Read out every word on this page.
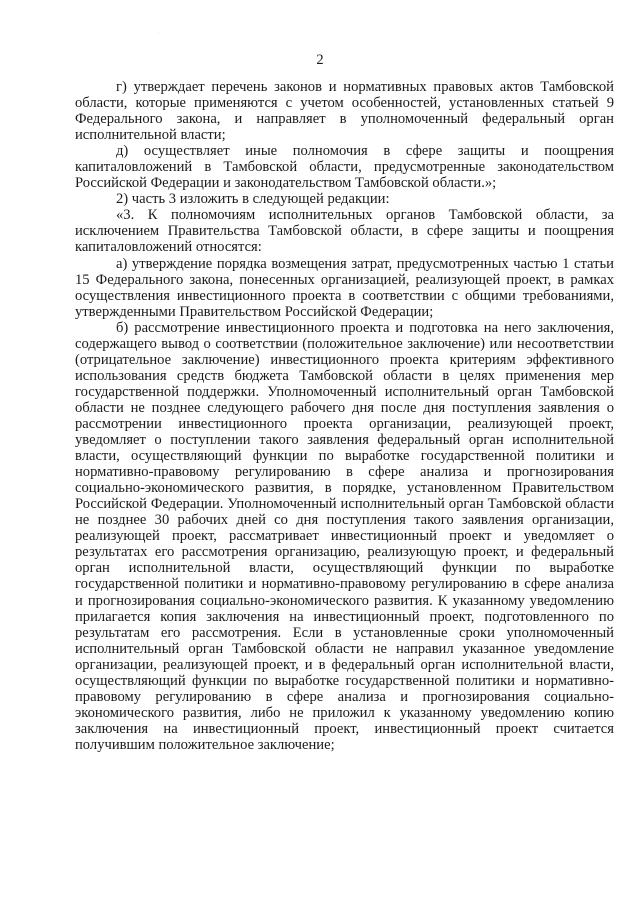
·
2

г) утверждает перечень законов и нормативных правовых актов Тамбовской области, которые применяются с учетом особенностей, установленных статьей 9 Федерального закона, и направляет в уполномоченный федеральный орган исполнительной власти;

д) осуществляет иные полномочия в сфере защиты и поощрения капиталовложений в Тамбовской области, предусмотренные законодательством Российской Федерации и законодательством Тамбовской области.»;

2) часть 3 изложить в следующей редакции:

«3. К полномочиям исполнительных органов Тамбовской области, за исключением Правительства Тамбовской области, в сфере защиты и поощрения капиталовложений относятся:

а) утверждение порядка возмещения затрат, предусмотренных частью 1 статьи 15 Федерального закона, понесенных организацией, реализующей проект, в рамках осуществления инвестиционного проекта в соответствии с общими требованиями, утвержденными Правительством Российской Федерации;

б) рассмотрение инвестиционного проекта и подготовка на него заключения, содержащего вывод о соответствии (положительное заключение) или несоответствии (отрицательное заключение) инвестиционного проекта критериям эффективного использования средств бюджета Тамбовской области в целях применения мер государственной поддержки. Уполномоченный исполнительный орган Тамбовской области не позднее следующего рабочего дня после дня поступления заявления о рассмотрении инвестиционного проекта организации, реализующей проект, уведомляет о поступлении такого заявления федеральный орган исполнительной власти, осуществляющий функции по выработке государственной политики и нормативно-правовому регулированию в сфере анализа и прогнозирования социально-экономического развития, в порядке, установленном Правительством Российской Федерации. Уполномоченный исполнительный орган Тамбовской области не позднее 30 рабочих дней со дня поступления такого заявления организации, реализующей проект, рассматривает инвестиционный проект и уведомляет о результатах его рассмотрения организацию, реализующую проект, и федеральный орган исполнительной власти, осуществляющий функции по выработке государственной политики и нормативно-правовому регулированию в сфере анализа и прогнозирования социально-экономического развития. К указанному уведомлению прилагается копия заключения на инвестиционный проект, подготовленного по результатам его рассмотрения. Если в установленные сроки уполномоченный исполнительный орган Тамбовской области не направил указанное уведомление организации, реализующей проект, и в федеральный орган исполнительной власти, осуществляющий функции по выработке государственной политики и нормативно-правовому регулированию в сфере анализа и прогнозирования социально-экономического развития, либо не приложил к указанному уведомлению копию заключения на инвестиционный проект, инвестиционный проект считается получившим положительное заключение;
